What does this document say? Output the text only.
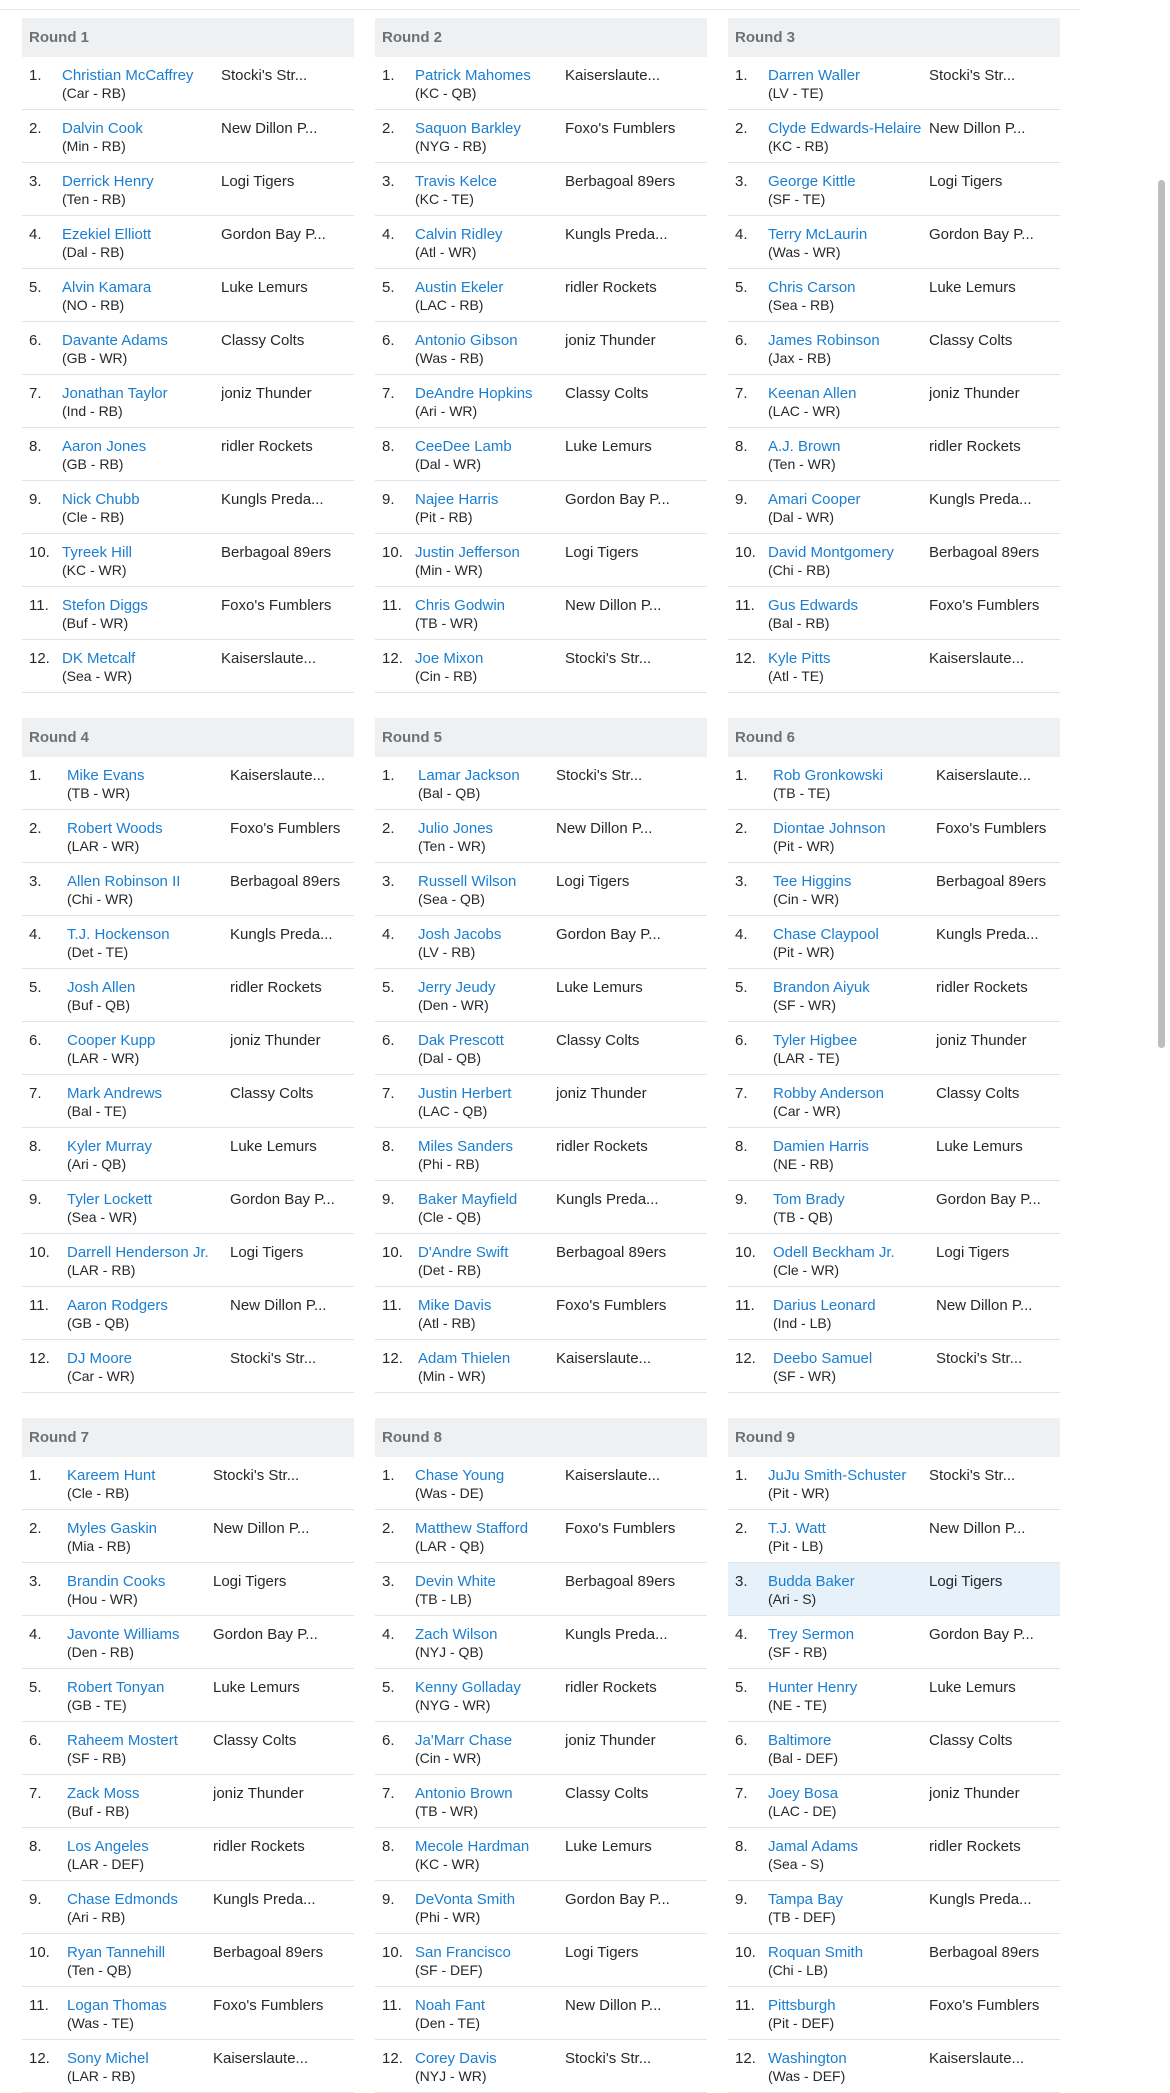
Round 1
1.	Christian McCaffrey
(Car - RB)
Stocki's Str...
2.	Dalvin Cook
(Min - RB)
New Dillon P...
3.	Derrick Henry
(Ten - RB)
Logi Tigers
4.	Ezekiel Elliott
(Dal - RB)
Gordon Bay P...
5.	Alvin Kamara
(NO - RB)
Luke Lemurs
6.	Davante Adams
(GB - WR)
Classy Colts
7.	Jonathan Taylor
(Ind - RB)
joniz Thunder
8.	Aaron Jones
(GB - RB)
ridler Rockets
9.	Nick Chubb
(Cle - RB)
Kungls Preda...
10. Tyreek Hill
(KC - WR)
Berbagoal 89ers
11. Stefon Diggs
(Buf - WR)
Foxo's Fumblers
12. DK Metcalf
(Sea - WR)
Kaiserslaute...
Round 2
1.	Patrick Mahomes
(KC - QB)
Kaiserslaute...
2.	Saquon Barkley
(NYG - RB)
Foxo's Fumblers
3.	Travis Kelce
(KC - TE)
Berbagoal 89ers
4.	Calvin Ridley
(Atl - WR)
Kungls Preda...
5.	Austin Ekeler
(LAC - RB)
ridler Rockets
6.	Antonio Gibson
(Was - RB)
joniz Thunder
7.	DeAndre Hopkins
(Ari - WR)
Classy Colts
8.	CeeDee Lamb
(Dal - WR)
Luke Lemurs
9.	Najee Harris
(Pit - RB)
Gordon Bay P...
10. Justin Jefferson
(Min - WR)
Logi Tigers
11. Chris Godwin
(TB - WR)
New Dillon P...
12. Joe Mixon
(Cin - RB)
Stocki's Str...
Round 3
1.	Darren Waller
(LV - TE)
Stocki's Str...
2.	Clyde Edwards-Helaire
(KC - RB)
New Dillon P...
3.	George Kittle
(SF - TE)
Logi Tigers
4.	Terry McLaurin
(Was - WR)
Gordon Bay P...
5.	Chris Carson
(Sea - RB)
Luke Lemurs
6.	James Robinson
(Jax - RB)
Classy Colts
7.	Keenan Allen
(LAC - WR)
joniz Thunder
8.	A.J. Brown
(Ten - WR)
ridler Rockets
9.	Amari Cooper
(Dal - WR)
Kungls Preda...
10. David Montgomery
(Chi - RB)
Berbagoal 89ers
11. Gus Edwards
(Bal - RB)
Foxo's Fumblers
12. Kyle Pitts
(Atl - TE)
Kaiserslaute...
Round 4
1.	Mike Evans
(TB - WR)
Kaiserslaute...
2.	Robert Woods
(LAR - WR)
Foxo's Fumblers
3.	Allen Robinson II
(Chi - WR)
Berbagoal 89ers
4.	T.J. Hockenson
(Det - TE)
Kungls Preda...
5.	Josh Allen
(Buf - QB)
ridler Rockets
6.	Cooper Kupp
(LAR - WR)
joniz Thunder
7.	Mark Andrews
(Bal - TE)
Classy Colts
8.	Kyler Murray
(Ari - QB)
Luke Lemurs
9.	Tyler Lockett
(Sea - WR)
Gordon Bay P...
10.	Darrell Henderson Jr.
(LAR - RB)
Logi Tigers
11.	Aaron Rodgers
(GB - QB)
New Dillon P...
12.	DJ Moore
(Car - WR)
Stocki's Str...
Round 5
1.	Lamar Jackson
(Bal - QB)
Stocki's Str...
2.	Julio Jones
(Ten - WR)
New Dillon P...
3.	Russell Wilson
(Sea - QB)
Logi Tigers
4.	Josh Jacobs
(LV - RB)
Gordon Bay P...
5.	Jerry Jeudy
(Den - WR)
Luke Lemurs
6.	Dak Prescott
(Dal - QB)
Classy Colts
7.	Justin Herbert
(LAC - QB)
joniz Thunder
8.	Miles Sanders
(Phi - RB)
ridler Rockets
9.	Baker Mayfield
(Cle - QB)
Kungls Preda...
10.	D'Andre Swift
(Det - RB)
Berbagoal 89ers
11.	Mike Davis
(Atl - RB)
Foxo's Fumblers
12.	Adam Thielen
(Min - WR)
Kaiserslaute...
Round 6
1.	Rob Gronkowski
(TB - TE)
Kaiserslaute...
2.	Diontae Johnson
(Pit - WR)
Foxo's Fumblers
3.	Tee Higgins
(Cin - WR)
Berbagoal 89ers
4.	Chase Claypool
(Pit - WR)
Kungls Preda...
5.	Brandon Aiyuk
(SF - WR)
ridler Rockets
6.	Tyler Higbee
(LAR - TE)
joniz Thunder
7.	Robby Anderson
(Car - WR)
Classy Colts
8.	Damien Harris
(NE - RB)
Luke Lemurs
9.	Tom Brady
(TB - QB)
Gordon Bay P...
10.	Odell Beckham Jr.
(Cle - WR)
Logi Tigers
11.	Darius Leonard
(Ind - LB)
New Dillon P...
12.	Deebo Samuel
(SF - WR)
Stocki's Str...
Round 7
1.	Kareem Hunt
(Cle - RB)
Stocki's Str...
2.	Myles Gaskin
(Mia - RB)
New Dillon P...
3.	Brandin Cooks
(Hou - WR)
Logi Tigers
4.	Javonte Williams
(Den - RB)
Gordon Bay P...
5.	Robert Tonyan
(GB - TE)
Luke Lemurs
6.	Raheem Mostert
(SF - RB)
Classy Colts
7.	Zack Moss
(Buf - RB)
joniz Thunder
8.	Los Angeles
(LAR - DEF)
ridler Rockets
9.	Chase Edmonds
(Ari - RB)
Kungls Preda...
10.	Ryan Tannehill
(Ten - QB)
Berbagoal 89ers
11.	Logan Thomas
(Was - TE)
Foxo's Fumblers
12.	Sony Michel
(LAR - RB)
Kaiserslaute...
Round 8
1.	Chase Young
(Was - DE)
Kaiserslaute...
2.	Matthew Stafford
(LAR - QB)
Foxo's Fumblers
3.	Devin White
(TB - LB)
Berbagoal 89ers
4.	Zach Wilson
(NYJ - QB)
Kungls Preda...
5.	Kenny Golladay
(NYG - WR)
ridler Rockets
6.	Ja'Marr Chase
(Cin - WR)
joniz Thunder
7.	Antonio Brown
(TB - WR)
Classy Colts
8.	Mecole Hardman
(KC - WR)
Luke Lemurs
9.	DeVonta Smith
(Phi - WR)
Gordon Bay P...
10. San Francisco
(SF - DEF)
Logi Tigers
11. Noah Fant
(Den - TE)
New Dillon P...
12. Corey Davis
(NYJ - WR)
Stocki's Str...
Round 9
1.	JuJu Smith-Schuster
(Pit - WR)
Stocki's Str...
2.	T.J. Watt
(Pit - LB)
New Dillon P...
3.	Budda Baker
(Ari - S)
Logi Tigers
4.	Trey Sermon
(SF - RB)
Gordon Bay P...
5.	Hunter Henry
(NE - TE)
Luke Lemurs
6.	Baltimore
(Bal - DEF)
Classy Colts
7.	Joey Bosa
(LAC - DE)
joniz Thunder
8.	Jamal Adams
(Sea - S)
ridler Rockets
9.	Tampa Bay
(TB - DEF)
Kungls Preda...
10. Roquan Smith
(Chi - LB)
Berbagoal 89ers
11. Pittsburgh
(Pit - DEF)
Foxo's Fumblers
12. Washington
(Was - DEF)
Kaiserslaute...
